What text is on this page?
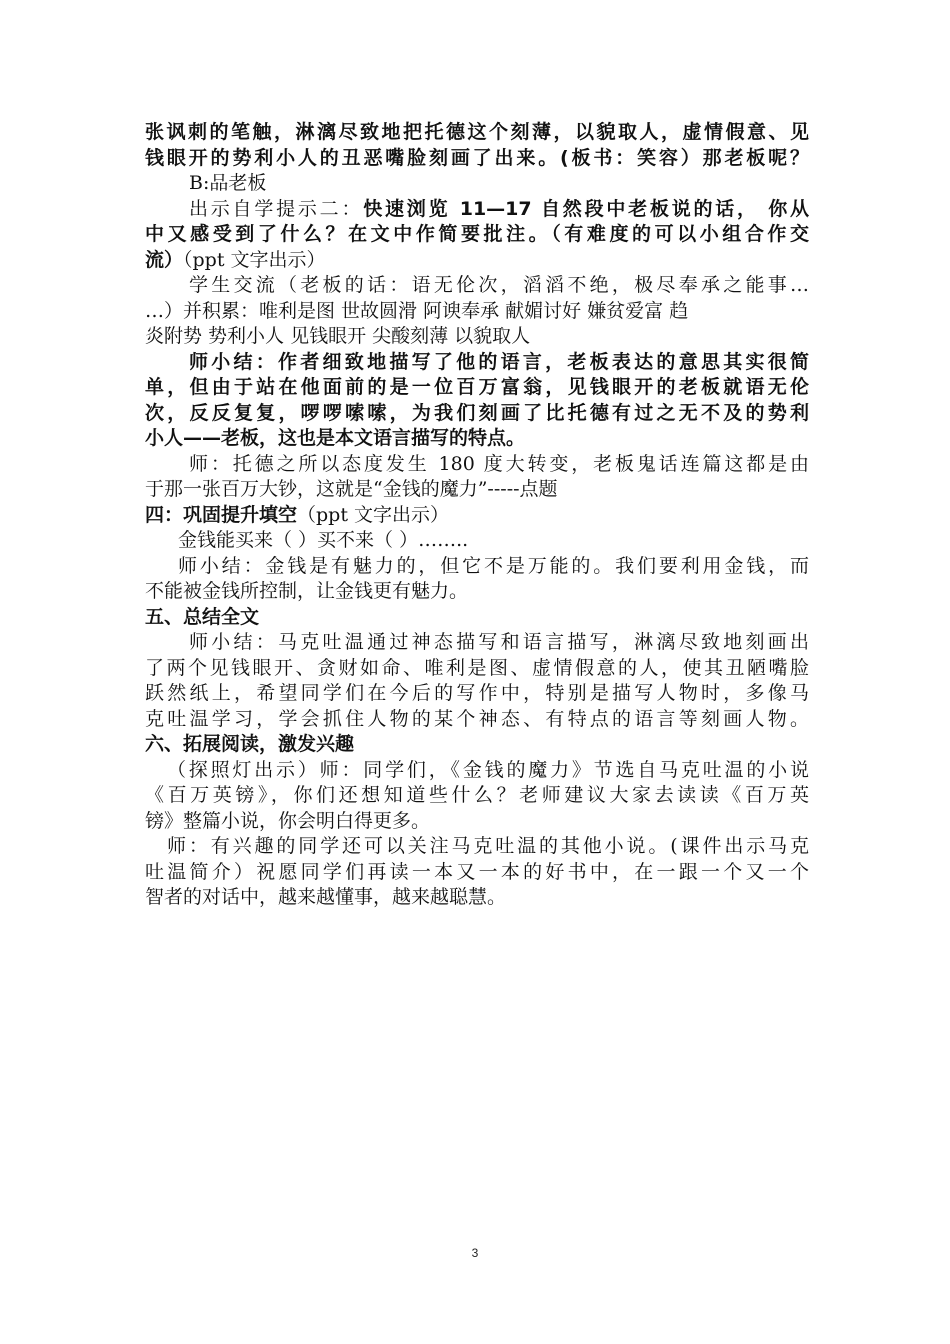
张讽刺的笔触，淋漓尽致地把托德这个刻薄，以貌取人，虚情假意、见
钱眼开的势利小人的丑恶嘴脸刻画了出来。(板书：笑容）那老板呢？
B:品老板
出示自学提示二：快速浏览 11—17 自然段中老板说的话， 你从
中又感受到了什么？在文中作简要批注。（有难度的可以小组合作交
流）（ppt 文字出示）
学生交流（老板的话：语无伦次，滔滔不绝，极尽奉承之能事…
…）并积累：唯利是图 世故圆滑 阿谀奉承 献媚讨好 嫌贫爱富 趋
炎附势 势利小人 见钱眼开 尖酸刻薄 以貌取人
师小结：作者细致地描写了他的语言，老板表达的意思其实很简
单，但由于站在他面前的是一位百万富翁，见钱眼开的老板就语无伦
次，反反复复，啰啰嗦嗦，为我们刻画了比托德有过之无不及的势利
小人——老板，这也是本文语言描写的特点。
师：托德之所以态度发生 180 度大转变，老板鬼话连篇这都是由
于那一张百万大钞，这就是“金钱的魔力”-----点题
四：巩固提升填空（ppt 文字出示）
金钱能买来（ ）买不来（ ）……..
师小结：金钱是有魅力的，但它不是万能的。我们要利用金钱，而
不能被金钱所控制，让金钱更有魅力。
五、总结全文
师小结：马克吐温通过神态描写和语言描写，淋漓尽致地刻画出
了两个见钱眼开、贪财如命、唯利是图、虚情假意的人，使其丑陋嘴脸
跃然纸上，希望同学们在今后的写作中，特别是描写人物时，多像马
克吐温学习，学会抓住人物的某个神态、有特点的语言等刻画人物。
六、拓展阅读，激发兴趣
（探照灯出示）师：同学们，《金钱的魔力》节选自马克吐温的小说
《百万英镑》，你们还想知道些什么？老师建议大家去读读《百万英
镑》整篇小说，你会明白得更多。
师：有兴趣的同学还可以关注马克吐温的其他小说。(课件出示马克
吐温简介）祝愿同学们再读一本又一本的好书中，在一跟一个又一个
智者的对话中，越来越懂事，越来越聪慧。
3
